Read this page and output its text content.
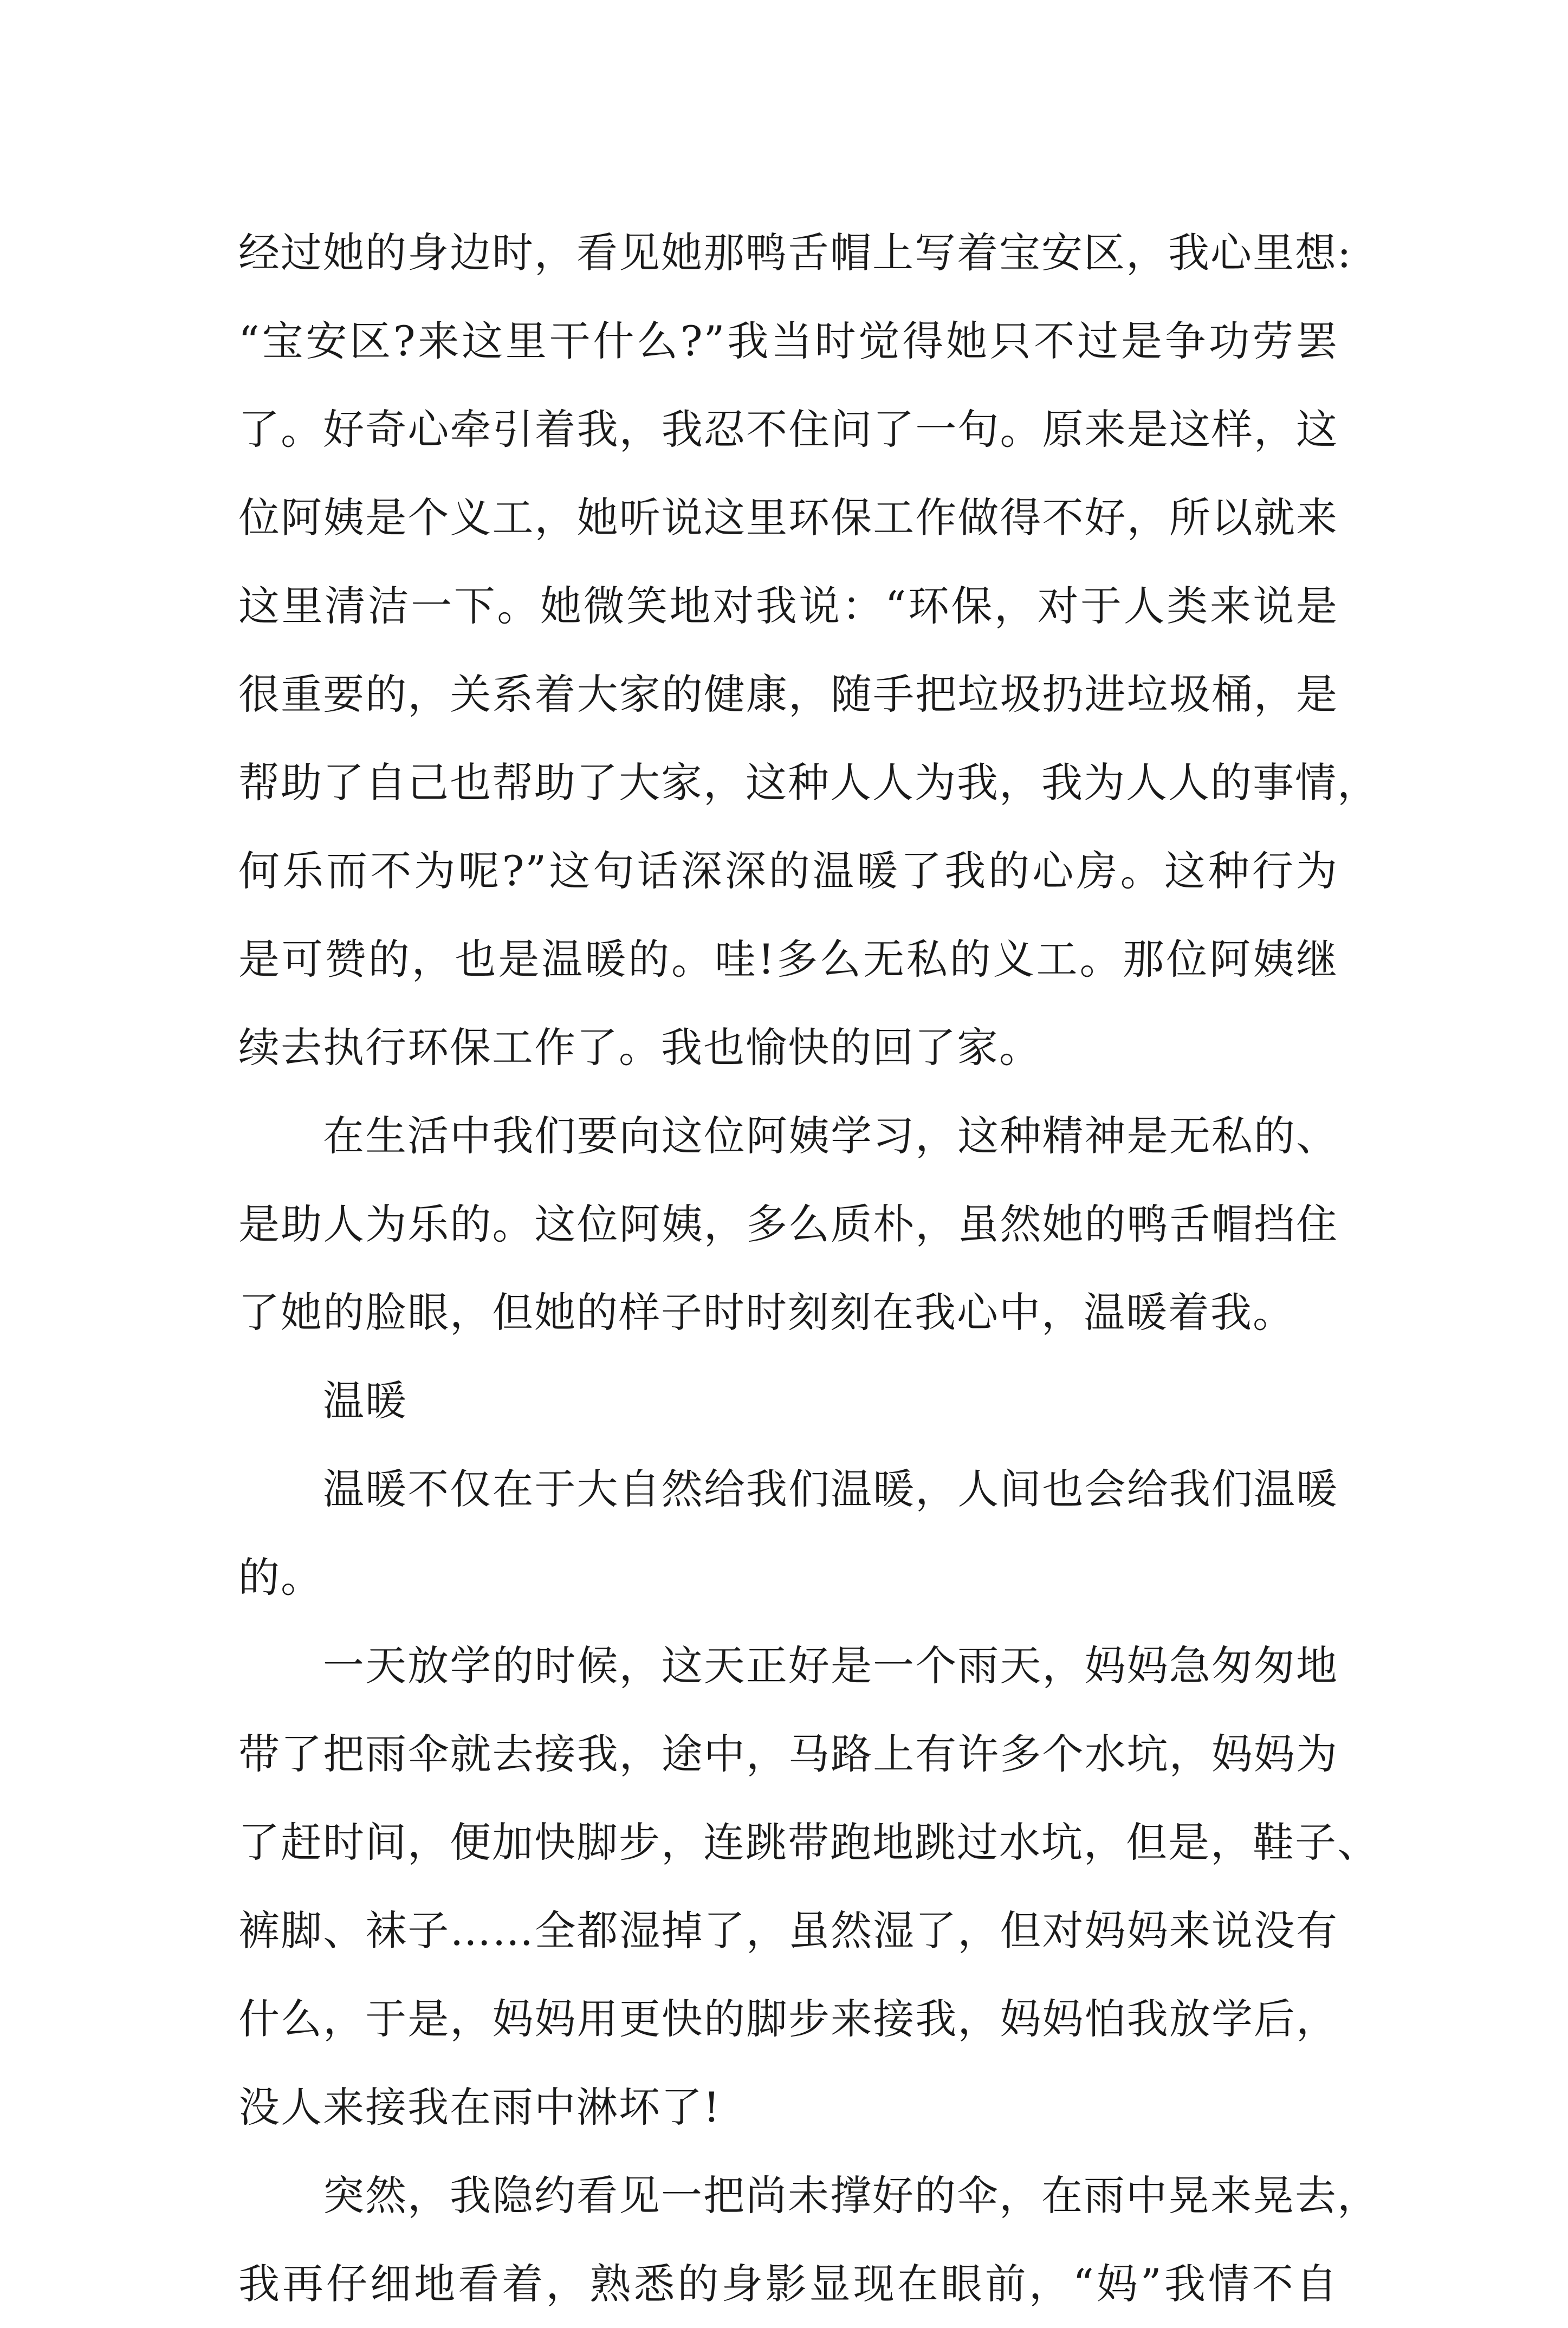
经过她的身边时，看见她那鸭舌帽上写着宝安区，我心里想:
“宝安区?来这里干什么?”我当时觉得她只不过是争功劳罢
了。好奇心牵引着我，我忍不住问了一句。原来是这样，这
位阿姨是个义工，她听说这里环保工作做得不好，所以就来
这里清洁一下。她微笑地对我说：“环保，对于人类来说是
很重要的，关系着大家的健康，随手把垃圾扔进垃圾桶，是
帮助了自己也帮助了大家，这种人人为我，我为人人的事情，
何乐而不为呢?”这句话深深的温暖了我的心房。这种行为
是可赞的，也是温暖的。哇!多么无私的义工。那位阿姨继
续去执行环保工作了。我也愉快的回了家。
在生活中我们要向这位阿姨学习，这种精神是无私的、
是助人为乐的。这位阿姨，多么质朴，虽然她的鸭舌帽挡住
了她的脸眼，但她的样子时时刻刻在我心中，温暖着我。
温暖
温暖不仅在于大自然给我们温暖，人间也会给我们温暖
的。
一天放学的时候，这天正好是一个雨天，妈妈急匆匆地
带了把雨伞就去接我，途中，马路上有许多个水坑，妈妈为
了赶时间，便加快脚步，连跳带跑地跳过水坑，但是，鞋子、
裤脚、袜子……全都湿掉了，虽然湿了，但对妈妈来说没有
什么，于是，妈妈用更快的脚步来接我，妈妈怕我放学后，
没人来接我在雨中淋坏了!
突然，我隐约看见一把尚未撑好的伞，在雨中晃来晃去，
我再仔细地看着，熟悉的身影显现在眼前，“妈”我情不自
